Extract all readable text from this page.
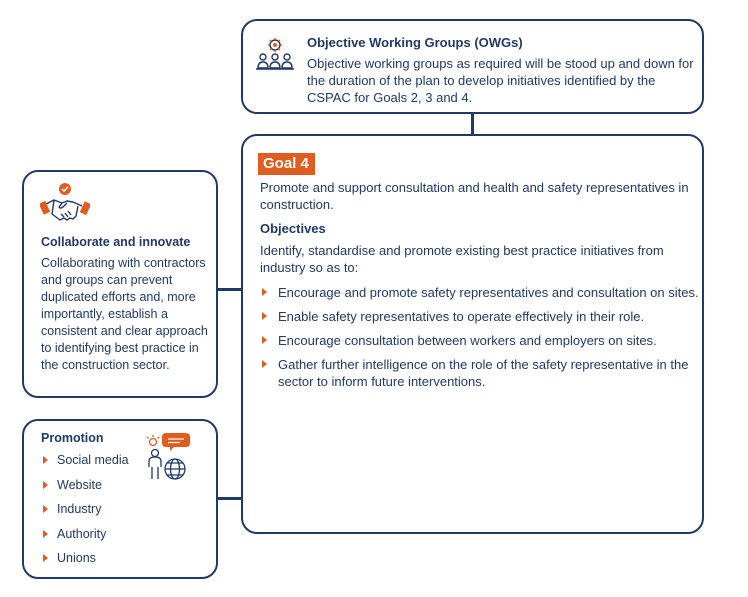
Objective Working Groups (OWGs)
Objective working groups as required will be stood up and down for the duration of the plan to develop initiatives identified by the CSPAC for Goals 2, 3 and 4.
Goal 4
Promote and support consultation and health and safety representatives in construction.
Objectives
Identify, standardise and promote existing best practice initiatives from industry so as to:
Encourage and promote safety representatives and consultation on sites.
Enable safety representatives to operate effectively in their role.
Encourage consultation between workers and employers on sites.
Gather further intelligence on the role of the safety representative in the sector to inform future interventions.
Collaborate and innovate
Collaborating with contractors and groups can prevent duplicated efforts and, more importantly, establish a consistent and clear approach to identifying best practice in the construction sector.
Promotion
Social media
Website
Industry
Authority
Unions
